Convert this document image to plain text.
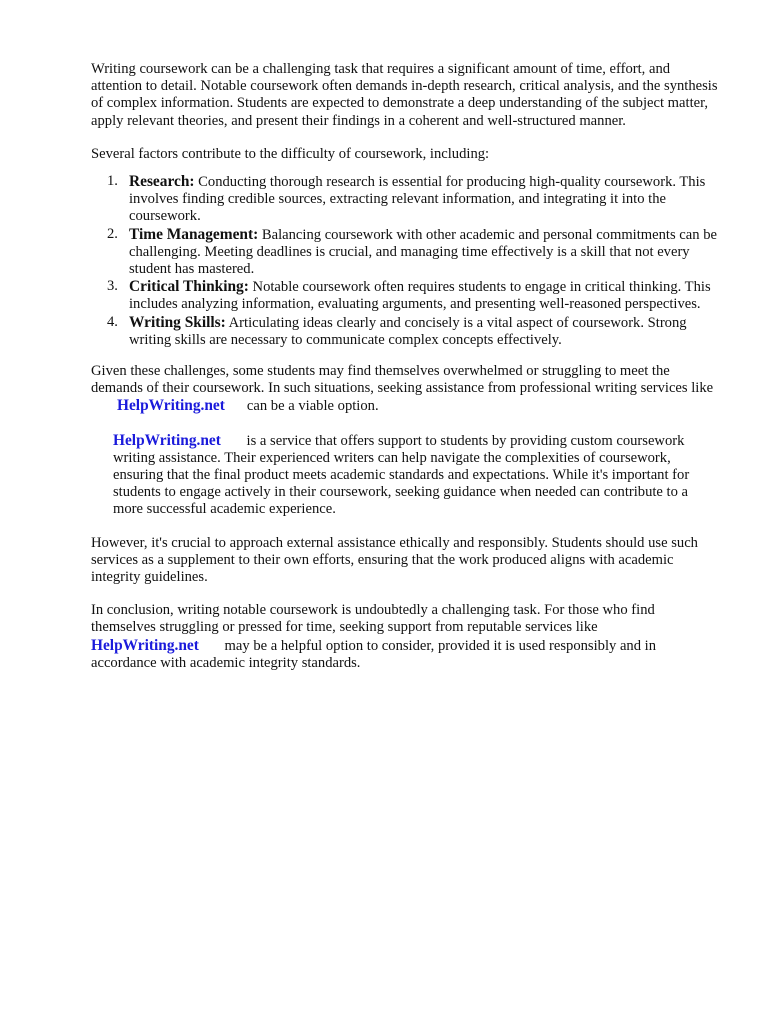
Writing coursework can be a challenging task that requires a significant amount of time, effort, and attention to detail. Notable coursework often demands in-depth research, critical analysis, and the synthesis of complex information. Students are expected to demonstrate a deep understanding of the subject matter, apply relevant theories, and present their findings in a coherent and well-structured manner.

Several factors contribute to the difficulty of coursework, including:

1. Research: Conducting thorough research is essential for producing high-quality coursework. This involves finding credible sources, extracting relevant information, and integrating it into the coursework.
2. Time Management: Balancing coursework with other academic and personal commitments can be challenging. Meeting deadlines is crucial, and managing time effectively is a skill that not every student has mastered.
3. Critical Thinking: Notable coursework often requires students to engage in critical thinking. This includes analyzing information, evaluating arguments, and presenting well-reasoned perspectives.
4. Writing Skills: Articulating ideas clearly and concisely is a vital aspect of coursework. Strong writing skills are necessary to communicate complex concepts effectively.

Given these challenges, some students may find themselves overwhelmed or struggling to meet the demands of their coursework. In such situations, seeking assistance from professional writing services like HelpWriting.net can be a viable option.

HelpWriting.net is a service that offers support to students by providing custom coursework writing assistance. Their experienced writers can help navigate the complexities of coursework, ensuring that the final product meets academic standards and expectations. While it's important for students to engage actively in their coursework, seeking guidance when needed can contribute to a more successful academic experience.

However, it's crucial to approach external assistance ethically and responsibly. Students should use such services as a supplement to their own efforts, ensuring that the work produced aligns with academic integrity guidelines.

In conclusion, writing notable coursework is undoubtedly a challenging task. For those who find themselves struggling or pressed for time, seeking support from reputable services like HelpWriting.net may be a helpful option to consider, provided it is used responsibly and in accordance with academic integrity standards.
